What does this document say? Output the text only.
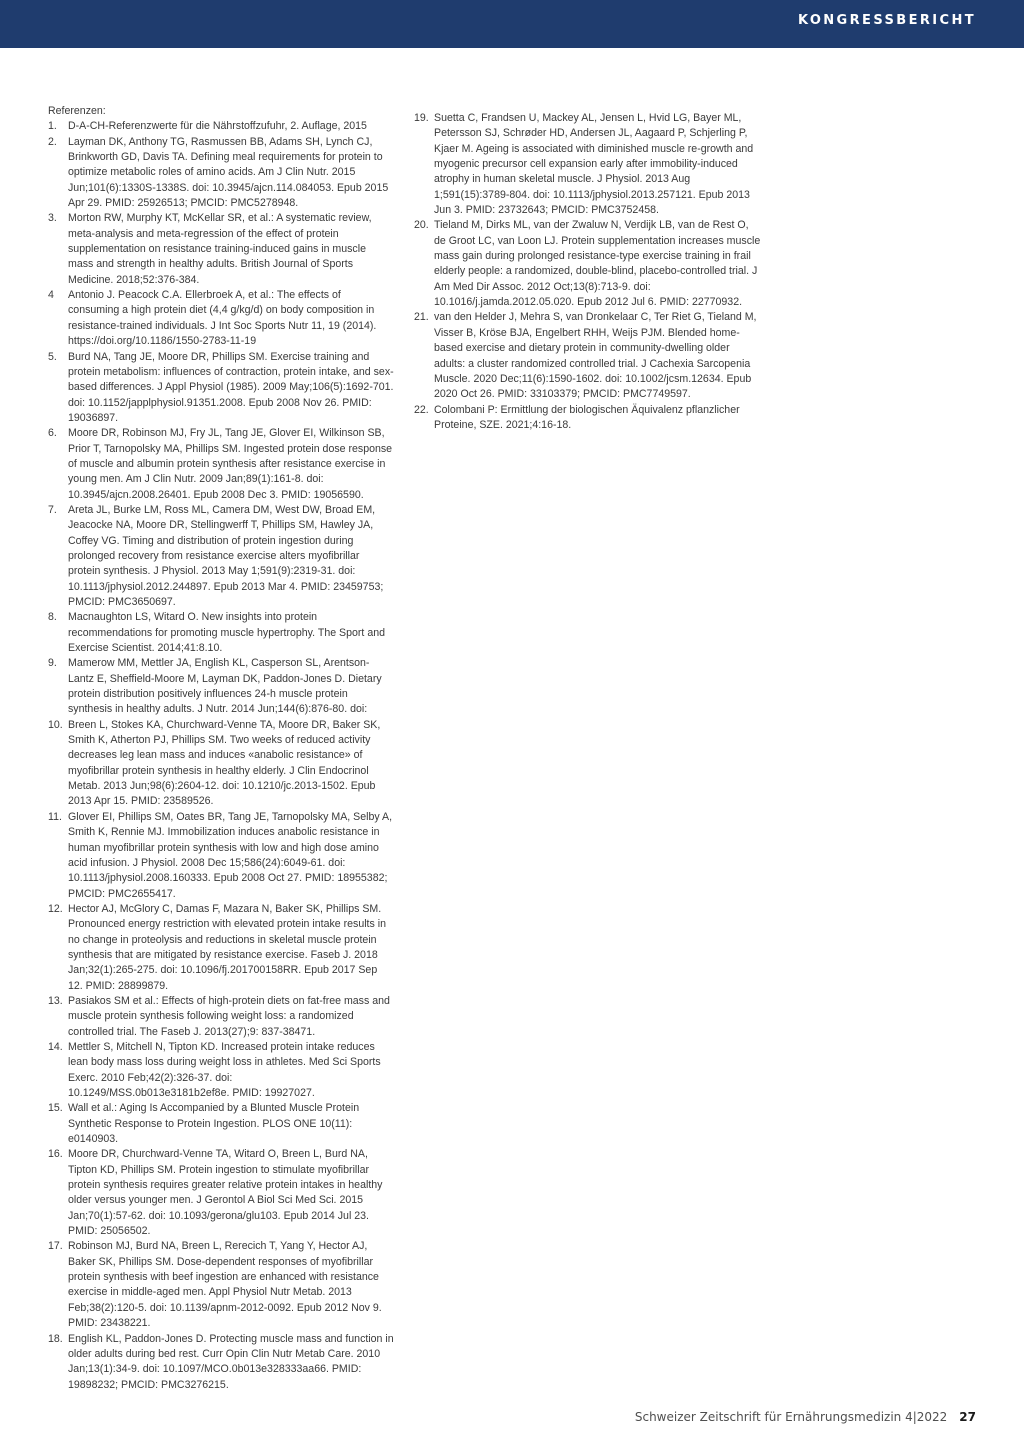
KONGRESSBERICHT

Referenzen:

1. D-A-CH-Referenzwerte für die Nährstoffzufuhr, 2. Auflage, 2015
2. Layman DK, Anthony TG, Rasmussen BB, Adams SH, Lynch CJ, Brinkworth GD, Davis TA. Defining meal requirements for protein to optimize metabolic roles of amino acids. Am J Clin Nutr. 2015 Jun;101(6):1330S-1338S. doi: 10.3945/ajcn.114.084053. Epub 2015 Apr 29. PMID: 25926513; PMCID: PMC5278948.
3. Morton RW, Murphy KT, McKellar SR, et al.: A systematic review, meta-analysis and meta-regression of the effect of protein supplementation on resistance training-induced gains in muscle mass and strength in healthy adults. British Journal of Sports Medicine. 2018;52:376-384.
4 Antonio J. Peacock C.A. Ellerbroek A, et al.: The effects of consuming a high protein diet (4,4 g/kg/d) on body composition in resistance-trained individuals. J Int Soc Sports Nutr 11, 19 (2014). https://doi.org/10.1186/1550-2783-11-19
5. Burd NA, Tang JE, Moore DR, Phillips SM. Exercise training and protein metabolism: influences of contraction, protein intake, and sex-based differences. J Appl Physiol (1985). 2009 May;106(5):1692-701. doi: 10.1152/japplphysiol.91351.2008. Epub 2008 Nov 26. PMID: 19036897.
6. Moore DR, Robinson MJ, Fry JL, Tang JE, Glover EI, Wilkinson SB, Prior T, Tarnopolsky MA, Phillips SM. Ingested protein dose response of muscle and albumin protein synthesis after resistance exercise in young men. Am J Clin Nutr. 2009 Jan;89(1):161-8. doi: 10.3945/ajcn.2008.26401. Epub 2008 Dec 3. PMID: 19056590.
7. Areta JL, Burke LM, Ross ML, Camera DM, West DW, Broad EM, Jeacocke NA, Moore DR, Stellingwerff T, Phillips SM, Hawley JA, Coffey VG. Timing and distribution of protein ingestion during prolonged recovery from resistance exercise alters myofibrillar protein synthesis. J Physiol. 2013 May 1;591(9):2319-31. doi: 10.1113/jphysiol.2012.244897. Epub 2013 Mar 4. PMID: 23459753; PMCID: PMC3650697.
8. Macnaughton LS, Witard O. New insights into protein recommendations for promoting muscle hypertrophy. The Sport and Exercise Scientist. 2014;41:8.10.
9. Mamerow MM, Mettler JA, English KL, Casperson SL, Arentson-Lantz E, Sheffield-Moore M, Layman DK, Paddon-Jones D. Dietary protein distribution positively influences 24-h muscle protein synthesis in healthy adults. J Nutr. 2014 Jun;144(6):876-80. doi:
10. Breen L, Stokes KA, Churchward-Venne TA, Moore DR, Baker SK, Smith K, Atherton PJ, Phillips SM. Two weeks of reduced activity decreases leg lean mass and induces «anabolic resistance» of myofibrillar protein synthesis in healthy elderly. J Clin Endocrinol Metab. 2013 Jun;98(6):2604-12. doi: 10.1210/jc.2013-1502. Epub 2013 Apr 15. PMID: 23589526.
11. Glover EI, Phillips SM, Oates BR, Tang JE, Tarnopolsky MA, Selby A, Smith K, Rennie MJ. Immobilization induces anabolic resistance in human myofibrillar protein synthesis with low and high dose amino acid infusion. J Physiol. 2008 Dec 15;586(24):6049-61. doi: 10.1113/jphysiol.2008.160333. Epub 2008 Oct 27. PMID: 18955382; PMCID: PMC2655417.
12. Hector AJ, McGlory C, Damas F, Mazara N, Baker SK, Phillips SM. Pronounced energy restriction with elevated protein intake results in no change in proteolysis and reductions in skeletal muscle protein synthesis that are mitigated by resistance exercise. Faseb J. 2018 Jan;32(1):265-275. doi: 10.1096/fj.201700158RR. Epub 2017 Sep 12. PMID: 28899879.
13. Pasiakos SM et al.: Effects of high-protein diets on fat-free mass and muscle protein synthesis following weight loss: a randomized controlled trial. The Faseb J. 2013(27);9: 837-38471.
14. Mettler S, Mitchell N, Tipton KD. Increased protein intake reduces lean body mass loss during weight loss in athletes. Med Sci Sports Exerc. 2010 Feb;42(2):326-37. doi: 10.1249/MSS.0b013e3181b2ef8e. PMID: 19927027.
15. Wall et al.: Aging Is Accompanied by a Blunted Muscle Protein Synthetic Response to Protein Ingestion. PLOS ONE 10(11): e0140903.
16. Moore DR, Churchward-Venne TA, Witard O, Breen L, Burd NA, Tipton KD, Phillips SM. Protein ingestion to stimulate myofibrillar protein synthesis requires greater relative protein intakes in healthy older versus younger men. J Gerontol A Biol Sci Med Sci. 2015 Jan;70(1):57-62. doi: 10.1093/gerona/glu103. Epub 2014 Jul 23. PMID: 25056502.
17. Robinson MJ, Burd NA, Breen L, Rerecich T, Yang Y, Hector AJ, Baker SK, Phillips SM. Dose-dependent responses of myofibrillar protein synthesis with beef ingestion are enhanced with resistance exercise in middle-aged men. Appl Physiol Nutr Metab. 2013 Feb;38(2):120-5. doi: 10.1139/apnm-2012-0092. Epub 2012 Nov 9. PMID: 23438221.
18. English KL, Paddon-Jones D. Protecting muscle mass and function in older adults during bed rest. Curr Opin Clin Nutr Metab Care. 2010 Jan;13(1):34-9. doi: 10.1097/MCO.0b013e328333aa66. PMID: 19898232; PMCID: PMC3276215.
19. Suetta C, Frandsen U, Mackey AL, Jensen L, Hvid LG, Bayer ML, Petersson SJ, Schrøder HD, Andersen JL, Aagaard P, Schjerling P, Kjaer M. Ageing is associated with diminished muscle re-growth and myogenic precursor cell expansion early after immobility-induced atrophy in human skeletal muscle. J Physiol. 2013 Aug 1;591(15):3789-804. doi: 10.1113/jphysiol.2013.257121. Epub 2013 Jun 3. PMID: 23732643; PMCID: PMC3752458.
20. Tieland M, Dirks ML, van der Zwaluw N, Verdijk LB, van de Rest O, de Groot LC, van Loon LJ. Protein supplementation increases muscle mass gain during prolonged resistance-type exercise training in frail elderly people: a randomized, double-blind, placebo-controlled trial. J Am Med Dir Assoc. 2012 Oct;13(8):713-9. doi: 10.1016/j.jamda.2012.05.020. Epub 2012 Jul 6. PMID: 22770932.
21. van den Helder J, Mehra S, van Dronkelaar C, Ter Riet G, Tieland M, Visser B, Kröse BJA, Engelbert RHH, Weijs PJM. Blended home-based exercise and dietary protein in community-dwelling older adults: a cluster randomized controlled trial. J Cachexia Sarcopenia Muscle. 2020 Dec;11(6):1590-1602. doi: 10.1002/jcsm.12634. Epub 2020 Oct 26. PMID: 33103379; PMCID: PMC7749597.
22. Colombani P: Ermittlung der biologischen Äquivalenz pflanzlicher Proteine, SZE. 2021;4:16-18.
Schweizer Zeitschrift für Ernährungsmedizin 4|2022 27
